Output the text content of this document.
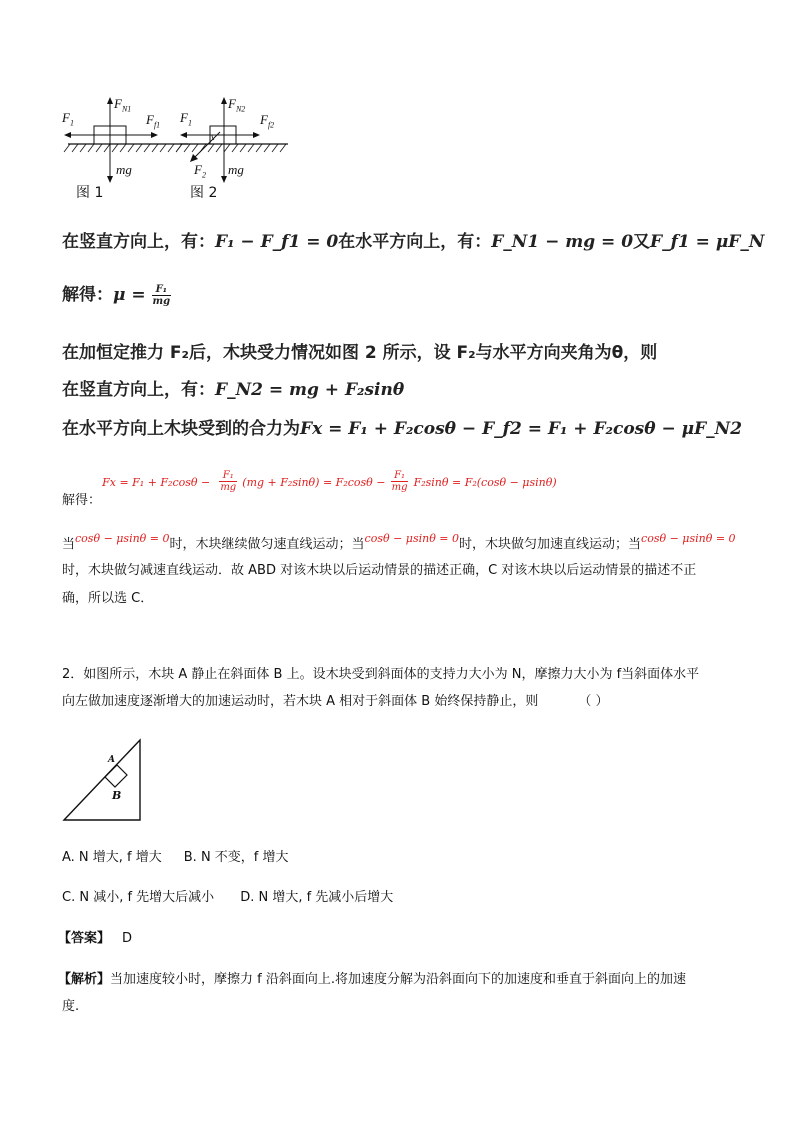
$F_1$
$F_{N1}$
$F_{f1}$
mg
图 1
$F_1$
$F_{N2}$
$F_{f2}$
$F_2$ mg
图 2
在竖直方向上，有：F₁ − F_f1 = 0在水平方向上，有：F_N1 − mg = 0又F_f1 = μF_N
解得：$\mu = \frac{\text{F₁}}{mg}$
在加恒定推力 F₂后，木块受力情况如图 2 所示，设 F₂与水平方向夹角为θ，则
在竖直方向上，有：F_N2 = mg + F₂sinθ
在水平方向上木块受到的合力为Fx = F₁ + F₂cosθ − F_f2 = F₁ + F₂cosθ − μF_N2
$_{解得:}$ $Fx = F_1 + F_2\cos\theta - \frac{\text{F₁}}{mg} (mg + F_2\sin\theta) = F_2\cos\theta - \frac{\text{F₁}}{mg} F_2\sin\theta = F_2(\cos\theta - \mu\sin\theta)$
当$^{cos\theta - \mu sin\theta = 0}$时，木块继续做匀速直线运动；当$^{cos\theta - \mu sin\theta = 0}$时，木块做匀加速直线运动；当$^{cos\theta - \mu sin\theta = 0}$
时，木块做匀减速直线运动．故 ABD 对该木块以后运动情景的描述正确，C 对该木块以后运动情景的描述不正
确，所以选 C．
2．如图所示，木块 A 静止在斜面体 B 上。设木块受到斜面体的支持力大小为 N，摩擦力大小为 f当斜面体水平
向左做加速度逐渐增大的加速运动时，若木块 A 相对于斜面体 B 始终保持静止，则	（ ）
A
B
A. N 增大, f 增大 B. N 不变，f 增大
C. N 减小, f 先增大后减小 D. N 增大, f 先减小后增大
【答案】 D
【解析】当加速度较小时，摩擦力 f 沿斜面向上.将加速度分解为沿斜面向下的加速度和垂直于斜面向上的加速
度.
